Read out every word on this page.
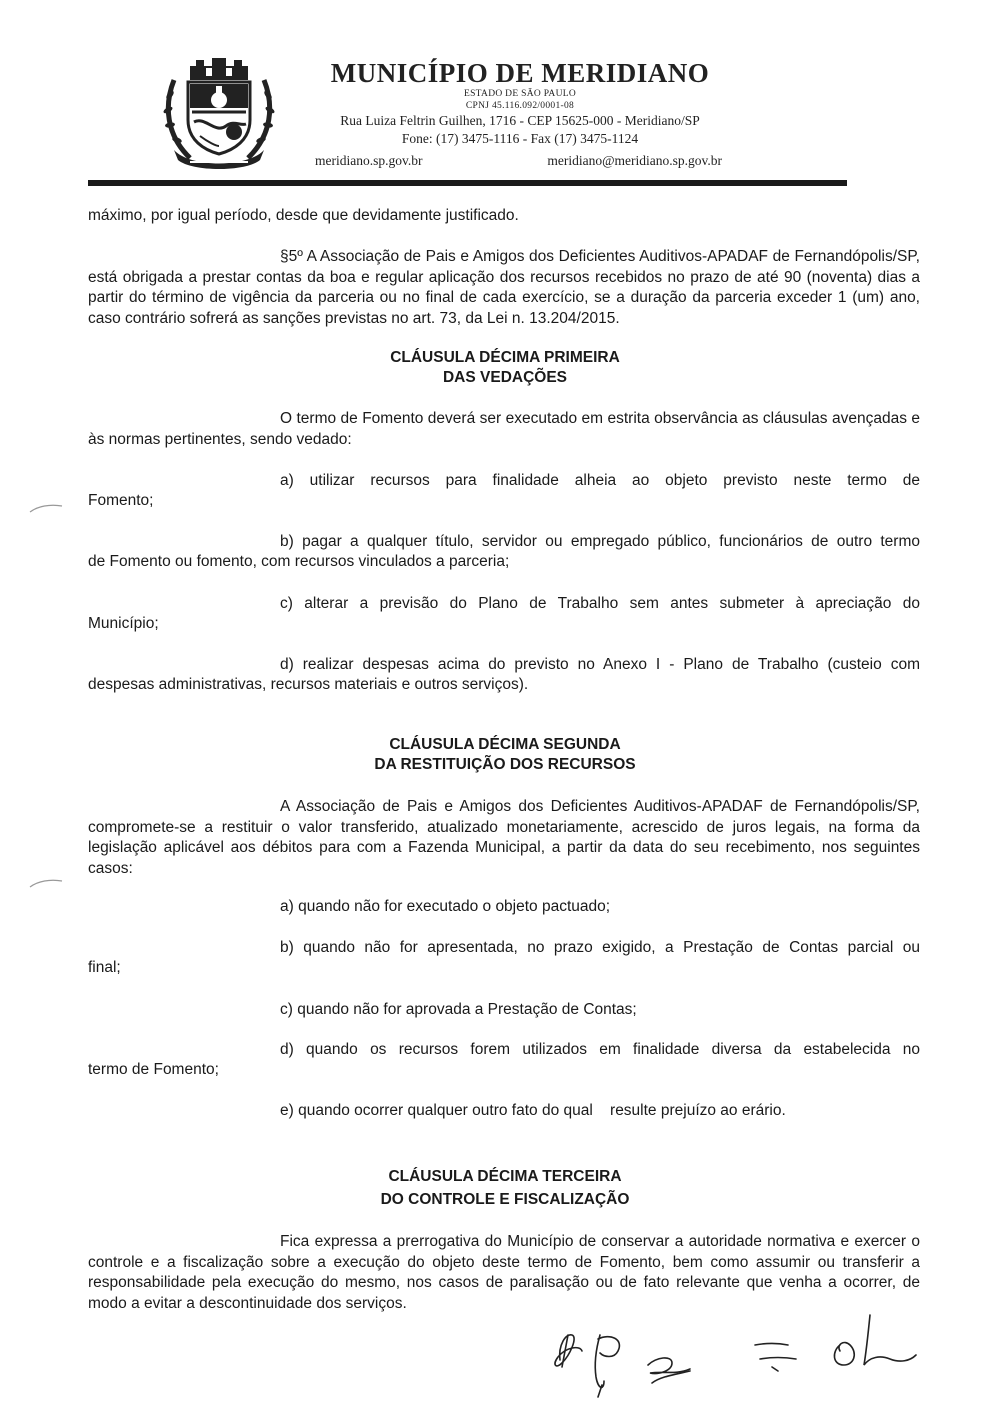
MUNICÍPIO DE MERIDIANO
ESTADO DE SÃO PAULO
CPNJ 45.116.092/0001-08
Rua Luiza Feltrin Guilhen, 1716 - CEP 15625-000 - Meridiano/SP
Fone: (17) 3475-1116 - Fax (17) 3475-1124
meridiano.sp.gov.br	meridiano@meridiano.sp.gov.br

máximo, por igual período, desde que devidamente justificado.

§5º A Associação de Pais e Amigos dos Deficientes Auditivos-APADAF de Fernandópolis/SP, está obrigada a prestar contas da boa e regular aplicação dos recursos recebidos no prazo de até 90 (noventa) dias a partir do término de vigência da parceria ou no final de cada exercício, se a duração da parceria exceder 1 (um) ano, caso contrário sofrerá as sanções previstas no art. 73, da Lei n. 13.204/2015.

CLÁUSULA DÉCIMA PRIMEIRA

DAS VEDAÇÕES

O termo de Fomento deverá ser executado em estrita observância as cláusulas avençadas e às normas pertinentes, sendo vedado:

a) utilizar recursos para finalidade alheia ao objeto previsto neste termo de

Fomento;

b) pagar a qualquer título, servidor ou empregado público, funcionários de outro termo

de Fomento ou fomento, com recursos vinculados a parceria;

c) alterar a previsão do Plano de Trabalho sem antes submeter à apreciação do

Município;

d) realizar despesas acima do previsto no Anexo I - Plano de Trabalho (custeio com

despesas administrativas, recursos materiais e outros serviços).

CLÁUSULA DÉCIMA SEGUNDA

DA RESTITUIÇÃO DOS RECURSOS

A Associação de Pais e Amigos dos Deficientes Auditivos-APADAF de Fernandópolis/SP, compromete-se a restituir o valor transferido, atualizado monetariamente, acrescido de juros legais, na forma da legislação aplicável aos débitos para com a Fazenda Municipal, a partir da data do seu recebimento, nos seguintes casos:

a) quando não for executado o objeto pactuado;

b) quando não for apresentada, no prazo exigido, a Prestação de Contas parcial ou

final;

c) quando não for aprovada a Prestação de Contas;

d) quando os recursos forem utilizados em finalidade diversa da estabelecida no

termo de Fomento;

e) quando ocorrer qualquer outro fato do qual    resulte prejuízo ao erário.

CLÁUSULA DÉCIMA TERCEIRA

DO CONTROLE E FISCALIZAÇÃO

Fica expressa a prerrogativa do Município de conservar a autoridade normativa e exercer o controle e a fiscalização sobre a execução do objeto deste termo de Fomento, bem como assumir ou transferir a responsabilidade pela execução do mesmo, nos casos de paralisação ou de fato relevante que venha a ocorrer, de modo a evitar a descontinuidade dos serviços.
